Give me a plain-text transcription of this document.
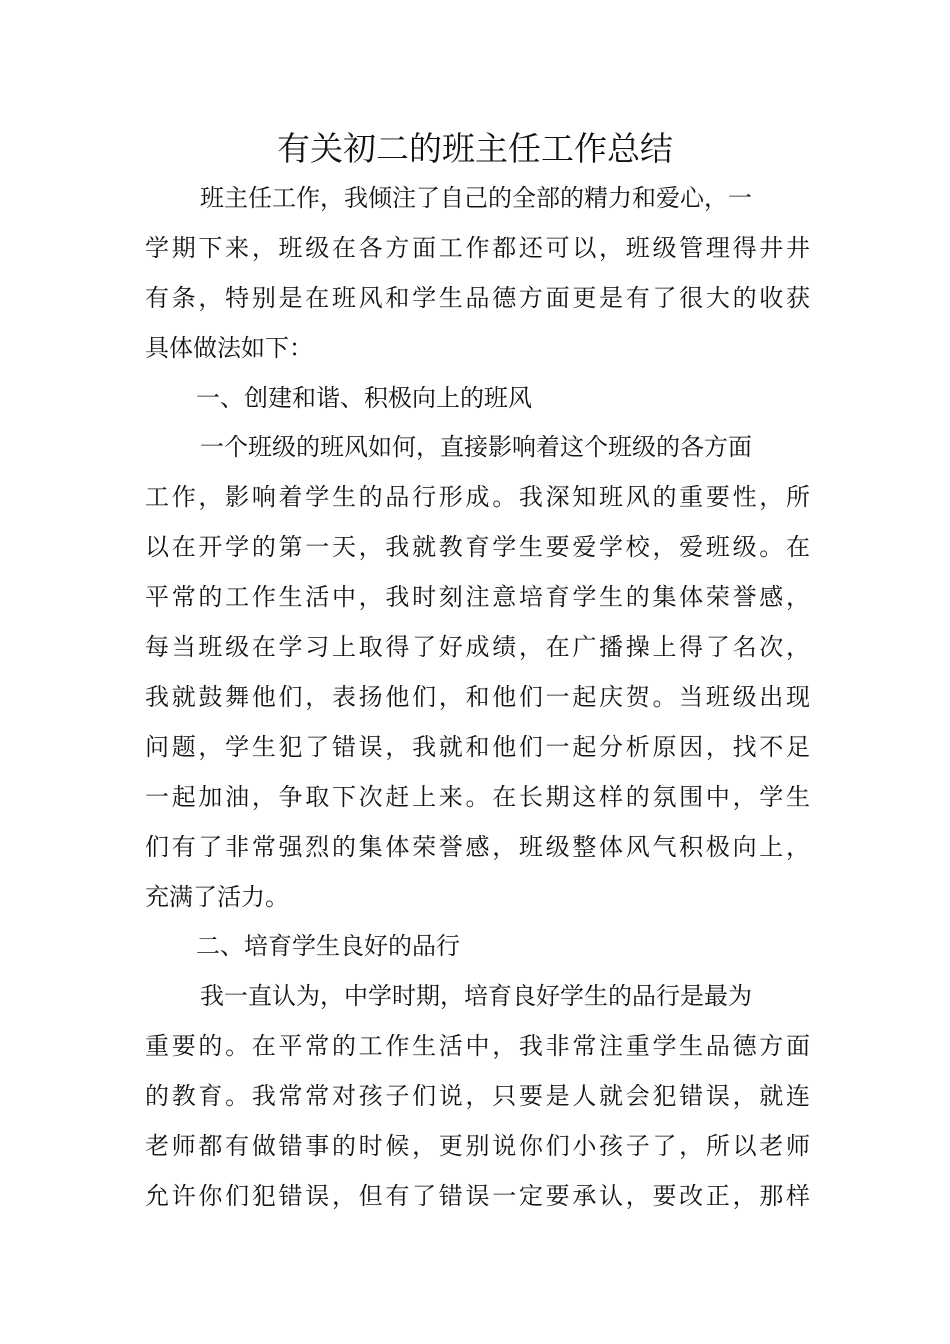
有关初二的班主任工作总结

班主任工作，我倾注了自己的全部的精力和爱心，一

学期下来，班级在各方面工作都还可以，班级管理得井井

有条，特别是在班风和学生品德方面更是有了很大的收获

具体做法如下：

一、创建和谐、积极向上的班风

一个班级的班风如何，直接影响着这个班级的各方面

工作，影响着学生的品行形成。我深知班风的重要性，所

以在开学的第一天，我就教育学生要爱学校，爱班级。在

平常的工作生活中，我时刻注意培育学生的集体荣誉感，

每当班级在学习上取得了好成绩，在广播操上得了名次，

我就鼓舞他们，表扬他们，和他们一起庆贺。当班级出现

问题，学生犯了错误，我就和他们一起分析原因，找不足

一起加油，争取下次赶上来。在长期这样的氛围中，学生

们有了非常强烈的集体荣誉感，班级整体风气积极向上，

充满了活力。

二、培育学生良好的品行

我一直认为，中学时期，培育良好学生的品行是最为

重要的。在平常的工作生活中，我非常注重学生品德方面

的教育。我常常对孩子们说，只要是人就会犯错误，就连

老师都有做错事的时候，更别说你们小孩子了，所以老师

允许你们犯错误，但有了错误一定要承认，要改正，那样
